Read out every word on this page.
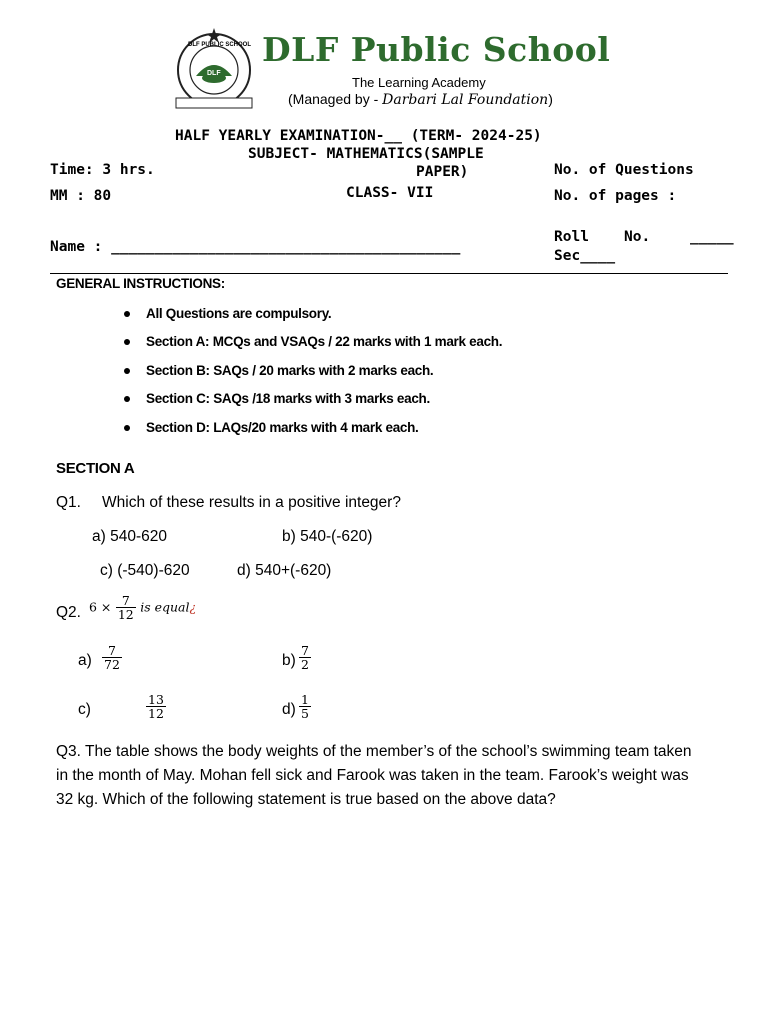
DLF PUBLIC SCHOOL
DLF
DLF Public School
The Learning Academy
(Managed by - Darbari Lal Foundation)
HALF YEARLY EXAMINATION-__ (TERM- 2024-25)
SUBJECT- MATHEMATICS(SAMPLE
PAPER)
CLASS- VII
Time: 3 hrs.
MM : 80
No. of Questions
No. of pages :
Name : ________________________________________
Roll No.	_____
Sec____
GENERAL INSTRUCTIONS:
All Questions are compulsory.
Section A: MCQs and VSAQs / 22 marks with 1 mark each.
Section B: SAQs / 20 marks with 2 marks each.
Section C: SAQs /18 marks with 3 marks each.
Section D: LAQs/20 marks with 4 mark each.
SECTION A
Q1. Which of these results in a positive integer?
a) 540-620	b) 540-(-620)
c) (-540)-620	d) 540+(-620)
Q2. $6 \times \frac{7}{12}$ is equal¿
$a) \frac{7}{72}$	$b) \frac{7}{2}$
c)	$\frac{13}{12}$	$d) \frac{1}{5}$
Q3. The table shows the body weights of the member’s of the school’s swimming team taken in the month of May. Mohan fell sick and Farook was taken in the team. Farook’s weight was 32 kg. Which of the following statement is true based on the above data?
